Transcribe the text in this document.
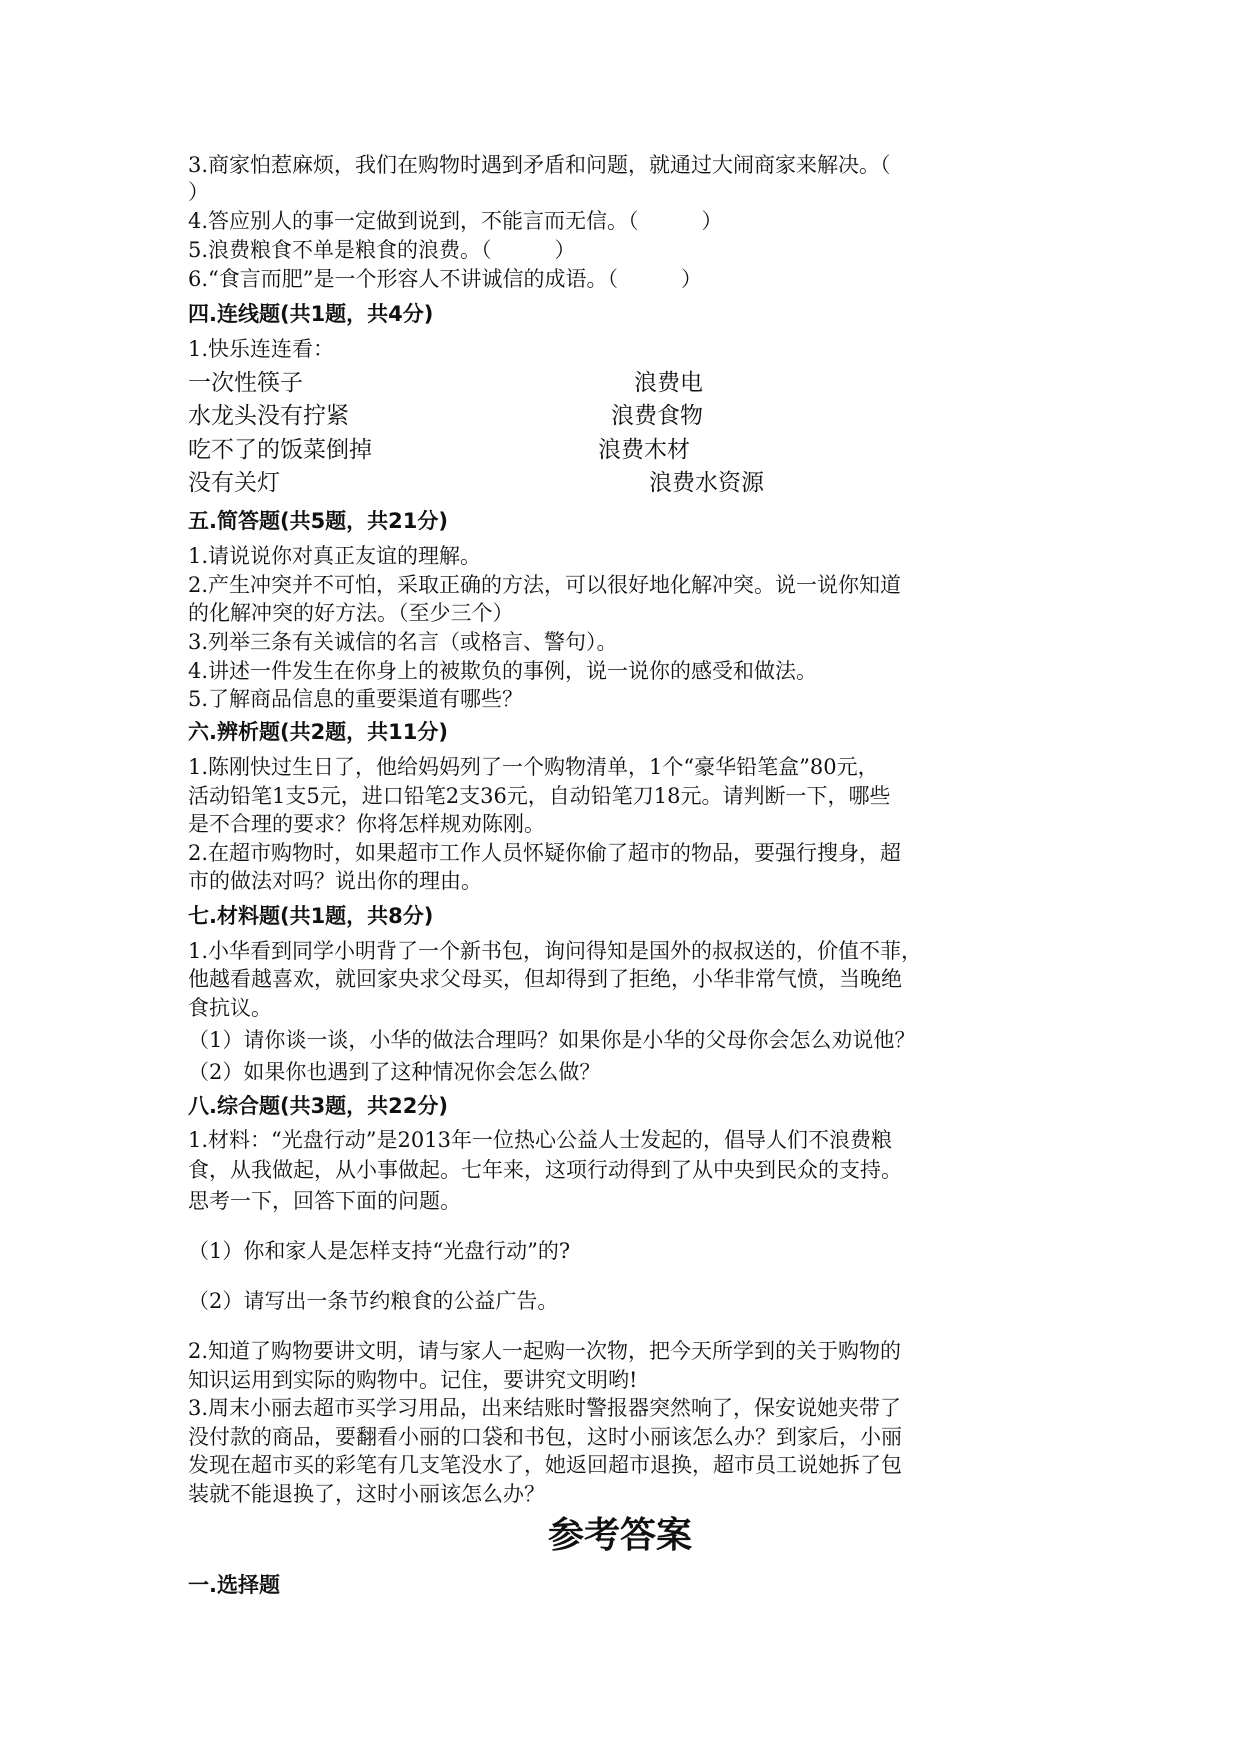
3.商家怕惹麻烦，我们在购物时遇到矛盾和问题，就通过大闹商家来解决。（
）
4.答应别人的事一定做到说到，不能言而无信。（　　　）
5.浪费粮食不单是粮食的浪费。（　　　）
6.“食言而肥”是一个形容人不讲诚信的成语。（　　　）
四.连线题(共1题，共4分)
1.快乐连连看：
一次性筷子
水龙头没有拧紧
吃不了的饭菜倒掉
没有关灯
浪费电
浪费食物
浪费木材
浪费水资源
五.简答题(共5题，共21分)
1.请说说你对真正友谊的理解。
2.产生冲突并不可怕，采取正确的方法，可以很好地化解冲突。说一说你知道
的化解冲突的好方法。（至少三个）
3.列举三条有关诚信的名言（或格言、警句）。
4.讲述一件发生在你身上的被欺负的事例，说一说你的感受和做法。
5.了解商品信息的重要渠道有哪些？
六.辨析题(共2题，共11分)
1.陈刚快过生日了，他给妈妈列了一个购物清单，1个“豪华铅笔盒”80元，
活动铅笔1支5元，进口铅笔2支36元，自动铅笔刀18元。请判断一下，哪些
是不合理的要求？你将怎样规劝陈刚。
2.在超市购物时，如果超市工作人员怀疑你偷了超市的物品，要强行搜身，超
市的做法对吗？说出你的理由。
七.材料题(共1题，共8分)
1.小华看到同学小明背了一个新书包，询问得知是国外的叔叔送的，价值不菲，
他越看越喜欢，就回家央求父母买，但却得到了拒绝，小华非常气愤，当晚绝
食抗议。
（1）请你谈一谈，小华的做法合理吗？如果你是小华的父母你会怎么劝说他？
（2）如果你也遇到了这种情况你会怎么做？
八.综合题(共3题，共22分)
1.材料：“光盘行动”是2013年一位热心公益人士发起的，倡导人们不浪费粮
食，从我做起，从小事做起。七年来，这项行动得到了从中央到民众的支持。
思考一下，回答下面的问题。
（1）你和家人是怎样支持“光盘行动”的?
（2）请写出一条节约粮食的公益广告。
2.知道了购物要讲文明，请与家人一起购一次物，把今天所学到的关于购物的
知识运用到实际的购物中。记住，要讲究文明哟!
3.周末小丽去超市买学习用品，出来结账时警报器突然响了，保安说她夹带了
没付款的商品，要翻看小丽的口袋和书包，这时小丽该怎么办？到家后，小丽
发现在超市买的彩笔有几支笔没水了，她返回超市退换，超市员工说她拆了包
装就不能退换了，这时小丽该怎么办？
参考答案
一.选择题
